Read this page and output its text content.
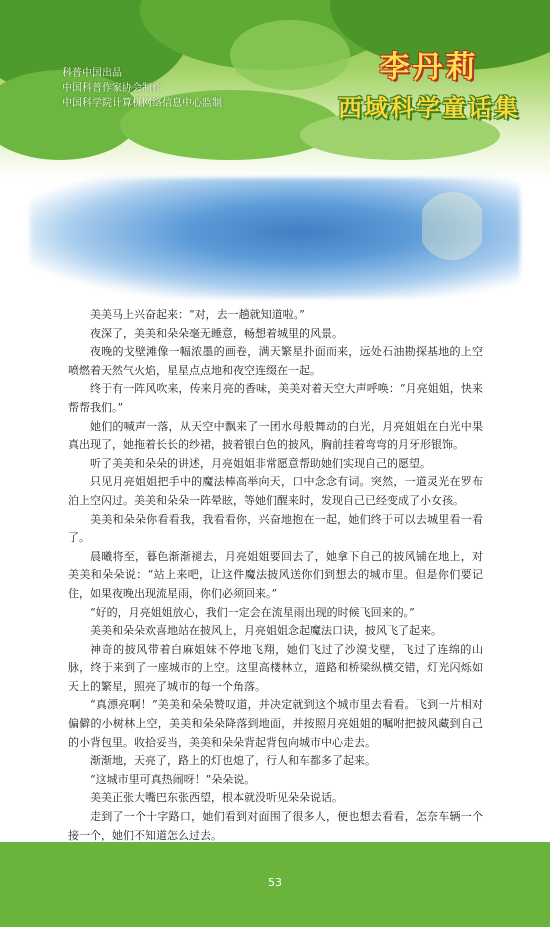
科普中国出品
中国科普作家协会制作
中国科学院计算机网络信息中心监制
李丹莉
西域科学童话集

美美马上兴奋起来：“对，去一趟就知道啦。”

夜深了，美美和朵朵毫无睡意，畅想着城里的风景。

夜晚的戈壁滩像一幅浓墨的画卷，满天繁星扑面而来，远处石油勘探基地的上空喷燃着天然气火焰，星星点点地和夜空连缀在一起。

终于有一阵风吹来，传来月亮的香味，美美对着天空大声呼唤：“月亮姐姐，快来帮帮我们。”

她们的喊声一落，从天空中飘来了一团水母般舞动的白光，月亮姐姐在白光中果真出现了，她拖着长长的纱裙，披着银白色的披风，胸前挂着弯弯的月牙形银饰。

听了美美和朵朵的讲述，月亮姐姐非常愿意帮助她们实现自己的愿望。

只见月亮姐姐把手中的魔法棒高举向天，口中念念有词。突然，一道灵光在罗布泊上空闪过。美美和朵朵一阵晕眩，等她们醒来时，发现自己已经变成了小女孩。

美美和朵朵你看看我，我看看你，兴奋地抱在一起，她们终于可以去城里看一看了。

晨曦将至，暮色渐渐褪去，月亮姐姐要回去了，她拿下自己的披风铺在地上，对美美和朵朵说：“站上来吧，让这件魔法披风送你们到想去的城市里。但是你们要记住，如果夜晚出现流星雨，你们必须回来。”

“好的，月亮姐姐放心，我们一定会在流星雨出现的时候飞回来的。”

美美和朵朵欢喜地站在披风上，月亮姐姐念起魔法口诀，披风飞了起来。

神奇的披风带着白麻姐妹不停地飞翔，她们飞过了沙漠戈壁，飞过了连绵的山脉，终于来到了一座城市的上空。这里高楼林立，道路和桥梁纵横交错，灯光闪烁如天上的繁星，照亮了城市的每一个角落。

“真漂亮啊！”美美和朵朵赞叹道，并决定就到这个城市里去看看。飞到一片相对偏僻的小树林上空，美美和朵朵降落到地面，并按照月亮姐姐的嘱咐把披风藏到自己的小背包里。收拾妥当，美美和朵朵背起背包向城市中心走去。

渐渐地，天亮了，路上的灯也熄了，行人和车都多了起来。

“这城市里可真热闹呀！”朵朵说。

美美正张大嘴巴东张西望，根本就没听见朵朵说话。

走到了一个十字路口，她们看到对面围了很多人，便也想去看看，怎奈车辆一个接一个，她们不知道怎么过去。

53
